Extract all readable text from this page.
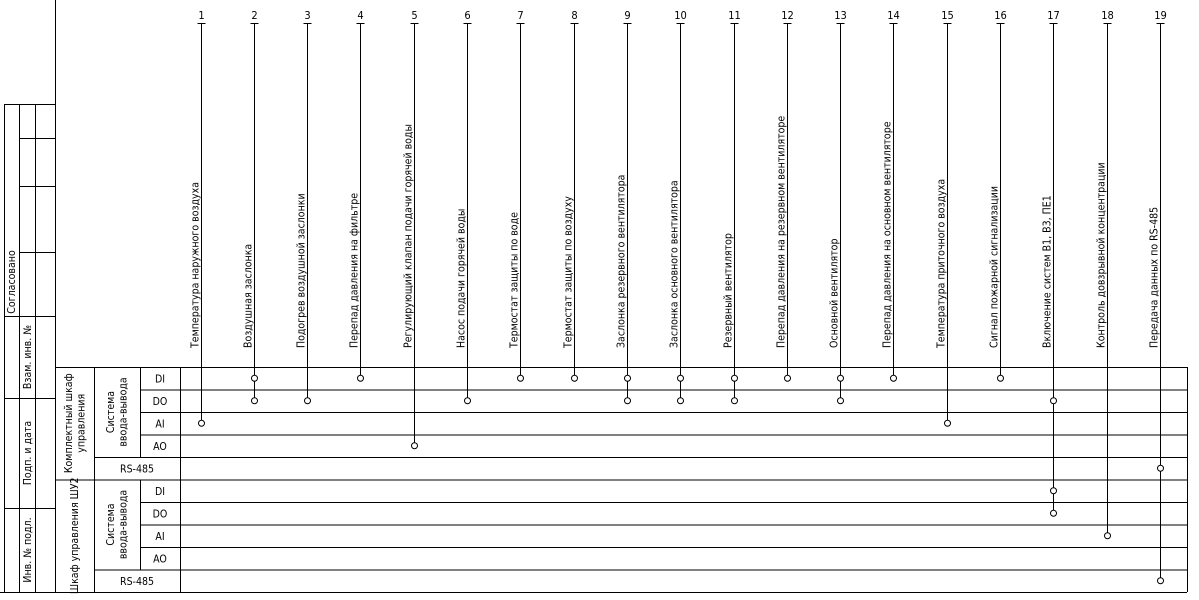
Согласовано
Взам. инв. №
Подп. и дата
Инв. № подл.
Комплектный шкафуправления Системаввода-вывода DI
DO
AI
AO
RS-485
Шкаф управления ШУ2 Системаввода-вывода DI
DO
AI
AO
RS-485
1
Температура наружного воздуха
2
Воздушная заслонка
3
Подогрев воздушной заслонки
4
Перепад давления на фильтре
5
Регулирующий клапан подачи горячей воды
6
Насос подачи горячей воды
7
Термостат защиты по воде
8
Термостат защиты по воздуху
9
Заслонка резервного вентилятора
10
Заслонка основного вентилятора
11
Резервный вентилятор
12
Перепад давления на резервном вентиляторе
13
Основной вентилятор
14
Перепад давления на основном вентиляторе
15
Температура приточного воздуха
16
Сигнал пожарной сигнализации
17
Включение систем В1, В3, ПЕ1
18
Контроль довзрывной концентрации
19
Передача данных по RS-485
